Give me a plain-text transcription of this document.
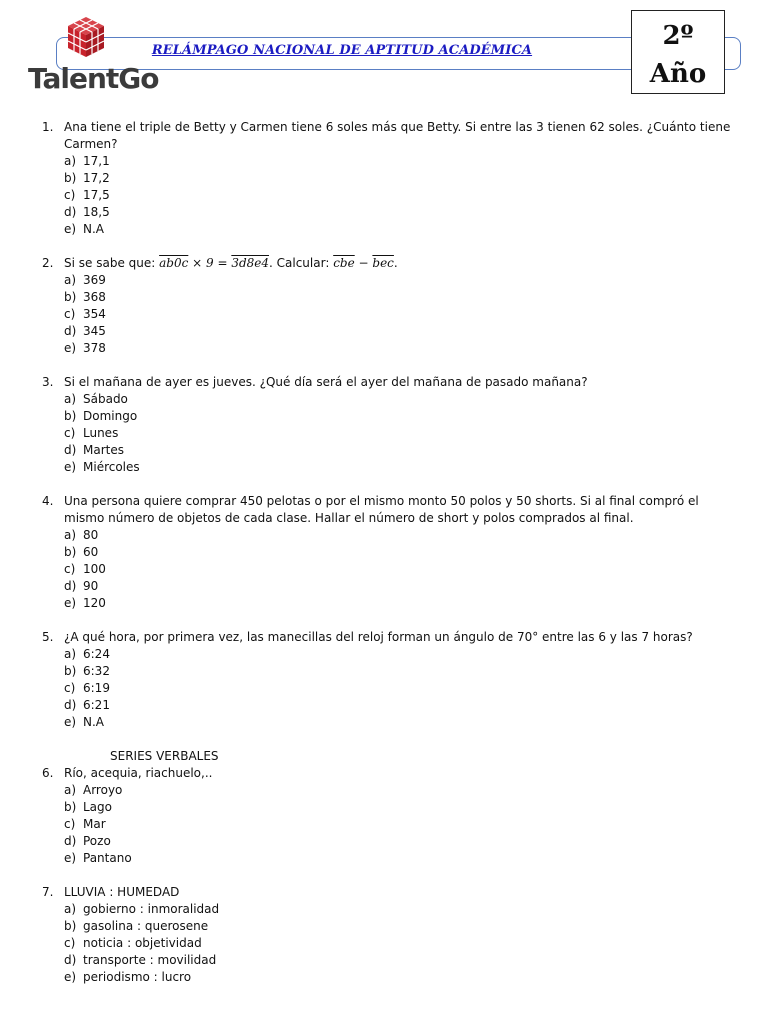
TalentGo
RELÁMPAGO NACIONAL DE APTITUD ACADÉMICA	2º
Año
1. Ana tiene el triple de Betty y Carmen tiene 6 soles más que Betty. Si entre las 3 tienen 62 soles. ¿Cuánto tiene Carmen?
a) 17,1
b) 17,2
c) 17,5
d) 18,5
e) N.A
2. Si se sabe que: ab0c × 9 = 3d8e4. Calcular: $\overline{cbe} - \overline{bec}$.
a) 369
b) 368
c) 354
d) 345
e) 378
3. Si el mañana de ayer es jueves. ¿Qué día será el ayer del mañana de pasado mañana?
a) Sábado
b) Domingo
c) Lunes
d) Martes
e) Miércoles
4. Una persona quiere comprar 450 pelotas o por el mismo monto 50 polos y 50 shorts. Si al final compró el mismo número de objetos de cada clase. Hallar el número de short y polos comprados al final.
a) 80
b) 60
c) 100
d) 90
e) 120
5. ¿A qué hora, por primera vez, las manecillas del reloj forman un ángulo de 70° entre las 6 y las 7 horas?
a) 6:24
b) 6:32
c) 6:19
d) 6:21
e) N.A
SERIES VERBALES
6. Río, acequia, riachuelo,..
a) Arroyo
b) Lago
c) Mar
d) Pozo
e) Pantano
7. LLUVIA : HUMEDAD
a) gobierno : inmoralidad
b) gasolina : querosene
c) noticia : objetividad
d) transporte : movilidad
e) periodismo : lucro
